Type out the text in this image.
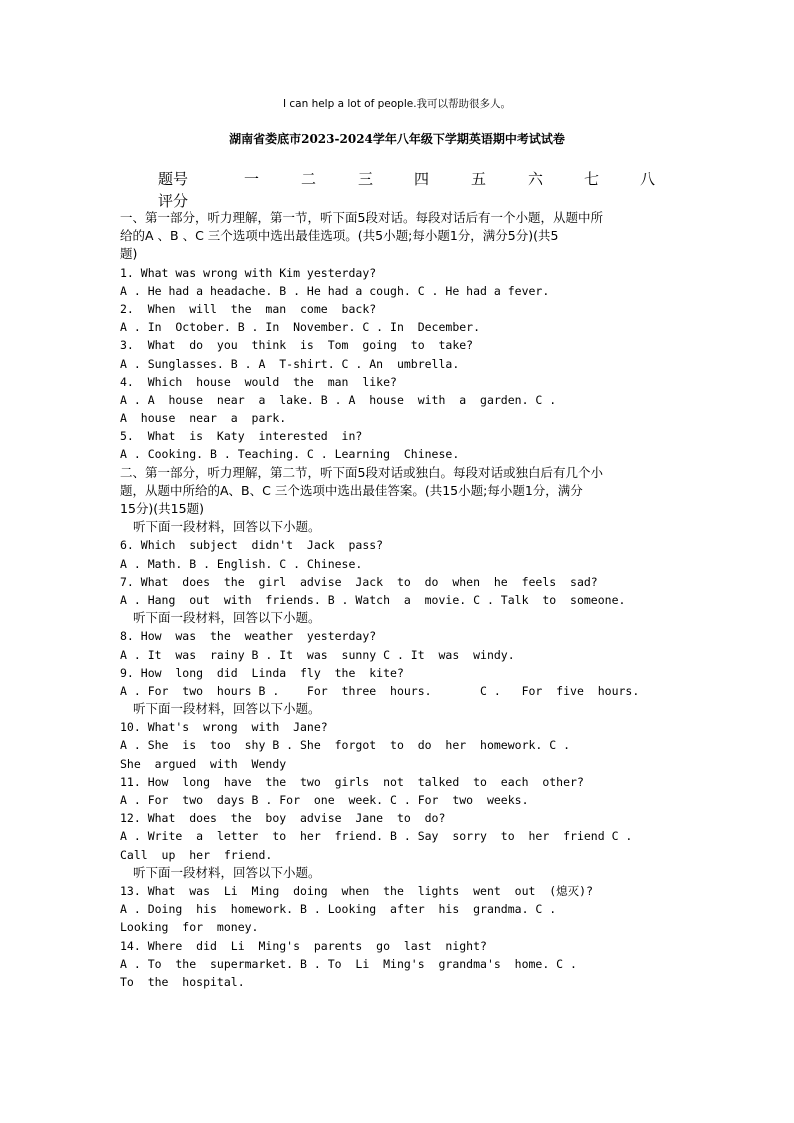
I can help a lot of people.我可以帮助很多人。
湖南省娄底市2023-2024学年八年级下学期英语期中考试试卷
题号	一	二	三	四	五	六	七	八
评分
一、第一部分，听力理解，第一节，听下面5段对话。每段对话后有一个小题，从题中所
给的A 、B 、C 三个选项中选出最佳选项。(共5小题;每小题1分，满分5分)(共5
题)
1. What was wrong with Kim yesterday?
A . He had a headache. B . He had a cough. C . He had a fever.
2.  When  will  the  man  come  back?
A . In  October. B . In  November. C . In  December.
3.  What  do  you  think  is  Tom  going  to  take?
A . Sunglasses. B . A  T-shirt. C . An  umbrella.
4.  Which  house  would  the  man  like?
A . A  house  near  a  lake. B . A  house  with  a  garden. C .
A  house  near  a  park.
5.  What  is  Katy  interested  in?
A . Cooking. B . Teaching. C . Learning  Chinese.
二、第一部分，听力理解，第二节，听下面5段对话或独白。每段对话或独白后有几个小
题，从题中所给的A、B、C 三个选项中选出最佳答案。(共15小题;每小题1分，满分
15分)(共15题)
听下面一段材料，回答以下小题。
6. Which  subject  didn't  Jack  pass?
A . Math. B . English. C . Chinese.
7. What  does  the  girl  advise  Jack  to  do  when  he  feels  sad?
A . Hang  out  with  friends. B . Watch  a  movie. C . Talk  to  someone.
听下面一段材料，回答以下小题。
8. How  was  the  weather  yesterday?
A . It  was  rainy B . It  was  sunny C . It  was  windy.
9. How  long  did  Linda  fly  the  kite?
A . For  two  hours B .    For  three  hours.       C .   For  five  hours.
听下面一段材料，回答以下小题。
10. What's  wrong  with  Jane?
A . She  is  too  shy B . She  forgot  to  do  her  homework. C .
She  argued  with  Wendy
11. How  long  have  the  two  girls  not  talked  to  each  other?
A . For  two  days B . For  one  week. C . For  two  weeks.
12. What  does  the  boy  advise  Jane  to  do?
A . Write  a  letter  to  her  friend. B . Say  sorry  to  her  friend C .
Call  up  her  friend.
听下面一段材料，回答以下小题。
13. What  was  Li  Ming  doing  when  the  lights  went  out  (熄灭)?
A . Doing  his  homework. B . Looking  after  his  grandma. C .
Looking  for  money.
14. Where  did  Li  Ming's  parents  go  last  night?
A . To  the  supermarket. B . To  Li  Ming's  grandma's  home. C .
To  the  hospital.
